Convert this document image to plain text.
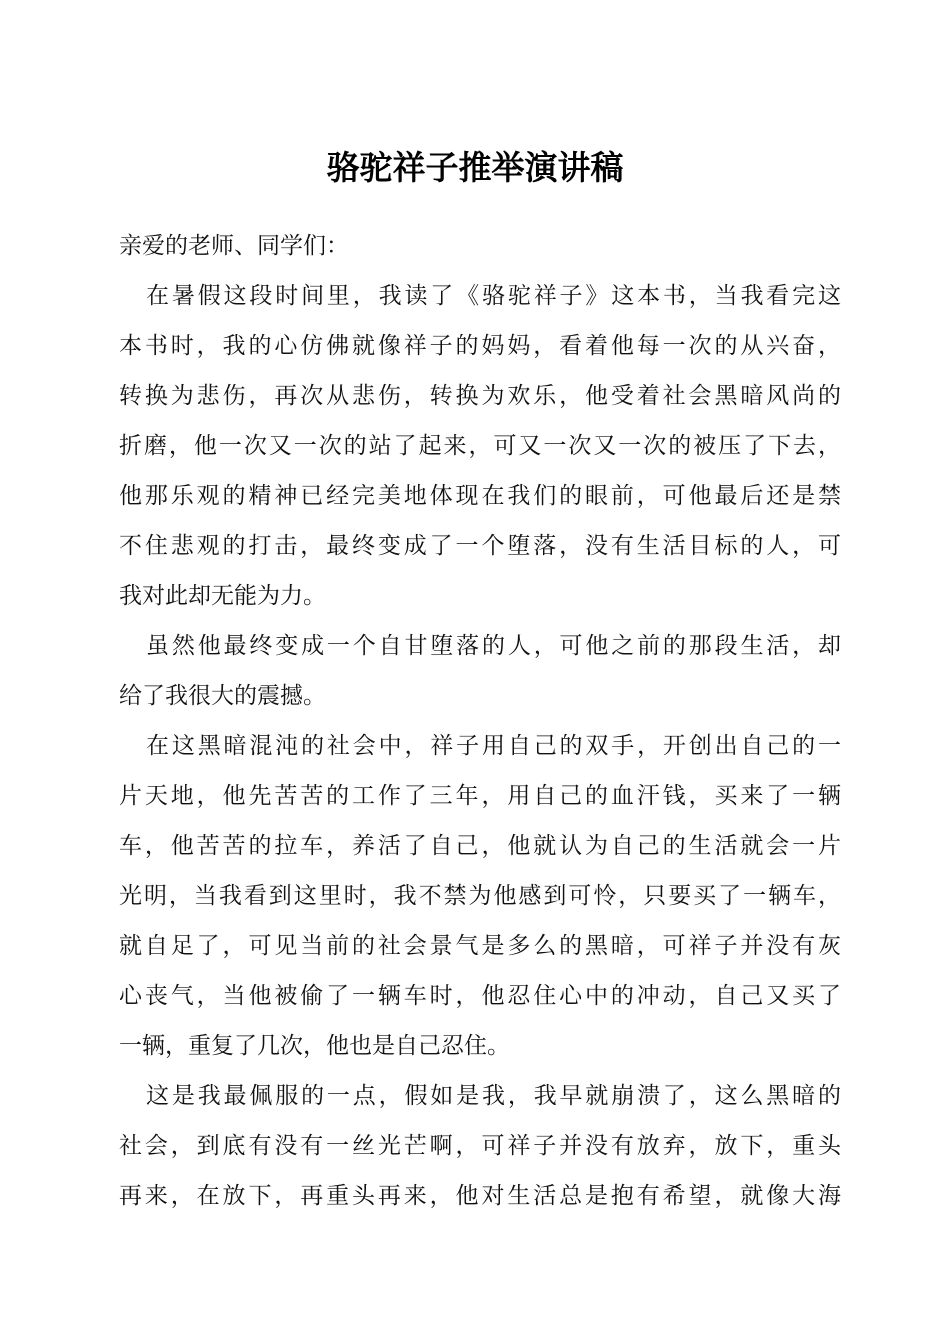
骆驼祥子推举演讲稿
亲爱的老师、同学们：
在暑假这段时间里，我读了《骆驼祥子》这本书，当我看完这
本书时，我的心仿佛就像祥子的妈妈，看着他每一次的从兴奋，
转换为悲伤，再次从悲伤，转换为欢乐，他受着社会黑暗风尚的
折磨，他一次又一次的站了起来，可又一次又一次的被压了下去，
他那乐观的精神已经完美地体现在我们的眼前，可他最后还是禁
不住悲观的打击，最终变成了一个堕落，没有生活目标的人，可
我对此却无能为力。
虽然他最终变成一个自甘堕落的人，可他之前的那段生活，却
给了我很大的震撼。
在这黑暗混沌的社会中，祥子用自己的双手，开创出自己的一
片天地，他先苦苦的工作了三年，用自己的血汗钱，买来了一辆
车，他苦苦的拉车，养活了自己，他就认为自己的生活就会一片
光明，当我看到这里时，我不禁为他感到可怜，只要买了一辆车，
就自足了，可见当前的社会景气是多么的黑暗，可祥子并没有灰
心丧气，当他被偷了一辆车时，他忍住心中的冲动，自己又买了
一辆，重复了几次，他也是自己忍住。
这是我最佩服的一点，假如是我，我早就崩溃了，这么黑暗的
社会，到底有没有一丝光芒啊，可祥子并没有放弃，放下，重头
再来，在放下，再重头再来，他对生活总是抱有希望，就像大海
